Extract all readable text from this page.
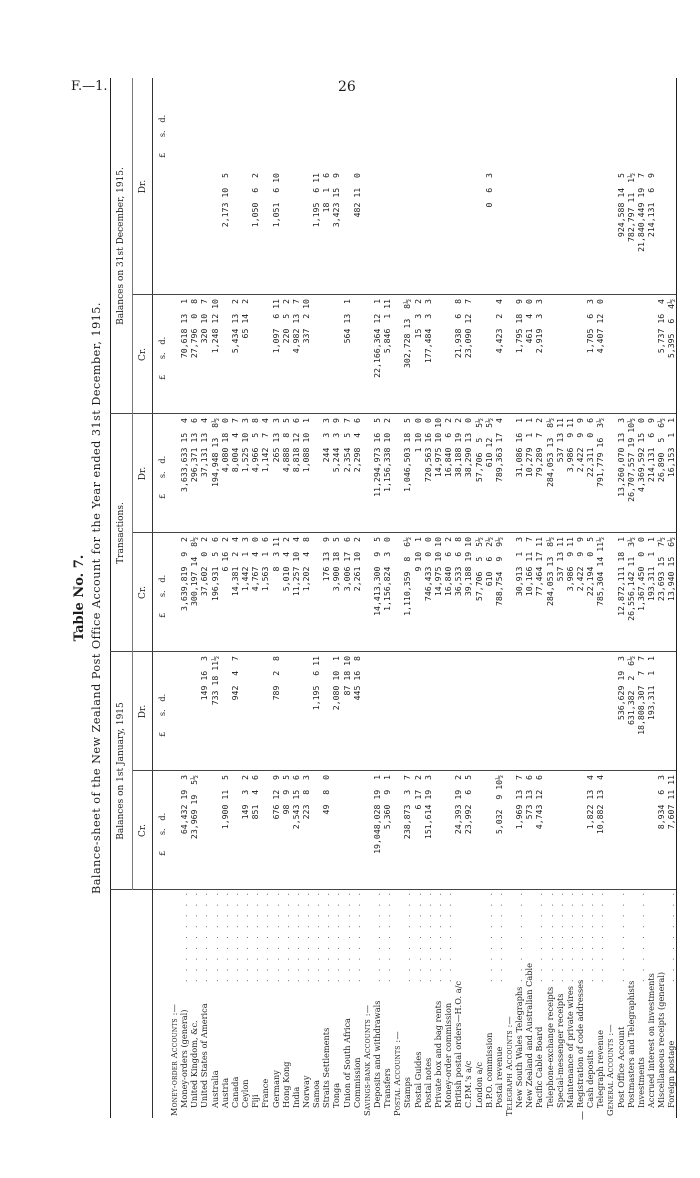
F.—1.	26
Table No. 7. Balance-sheet of the New Zealand Post Office Account for the Year ended 31st December, 1915.
—
Balances on 1st January, 1915
Transactions.
Balances on 31st December, 1915.
Cr.
Dr.
Cr.
Dr.
Cr.
Dr.
£      s.   d.
£      s.   d.
£      s.   d.
£      s.   d.
£      s.   d.
£      s.   d.
Money-order Accounts :— Money-orders (general)
.  .  .  .  .  .  .  .  .
64,432 19  3
3,639,819  9  2
3,633,633 15  4
70,618 13  1
United Kingdom, &c.
.  .  .  .  .  .  .  .  .
23,969 19  5½
300,197 14  8½
296,371 13  6
27,796  0  8
United States of America
.  .  .  .  .  .  .  .  .
149 16  3
37,602  0  2
37,131 13  4
320 10  7
Australia
.  .  .  .  .  .  .  .  .
733 18 11½
196,931  5  6
194,948 13  8½
1,248 12 10
Austria
.  .  .  .  .  .  .  .  .
1,900 11  5
6 16  2
4,080 18  0
2,173 10  5
Canada
.  .  .  .  .  .  .  .  .
942  4  7
14,381  2  4
8,004  4  7
5,434 13  2
Ceylon
.  .  .  .  .  .  .  .  .
149  3  2
1,442  1  3
1,525 10  3
65 14  2
Fiji
.  .  .  .  .  .  .  .  .
851  4  6
4,767  4  0
4,966  5  8
1,050  6  2
France
.  .  .  .  .  .  .  .  .
1,563  1  6
1,142  7  4
Germany
.  .  .  .  .  .  .  .  .
676 12  9
789  2  8
8  3 11
265 13  3
1,097  6 11
1,051  6 10
Hong Kong
.  .  .  .  .  .  .  .  .
98  9  5
5,010  4  2
4,888  8  5
220  5  2
India
.  .  .  .  .  .  .  .  .
2,543 15  6
11,257 10  4
8,818 12  6
4,982 13  7
Norway
.  .  .  .  .  .  .  .  .
223  8  3
1,202  4  8
1,088 10  1
337  2 10
Samoa
.  .  .  .  .  .  .  .  .
1,195  6 11
1,195  6 11
Straits Settlements
.  .  .  .  .  .  .  .  .
49  8  0
176 13  9
244  3  3
18  1  6
Tonga
.  .  .  .  .  .  .  .  .
2,080 10  1
3,900 18  5
5,244  3  9
3,423 15  9
Union of South Africa
.  .  .  .  .  .  .  .  .
87 18 10
3,006 17  6
2,354  5  7
564 13  1
Commission
.  .  .  .  .  .  .  .  .
445 16  8
2,261 10  2
2,298  4  6
482 11  0
Savings-bank Accounts :— Deposits and withdrawals
.  .  .  .  .  .  .  .  .
19,048,028 19  1
14,413,300  9  5
11,294,973 16  5
22,166,364 12  1
Transfers
.  .  .  .  .  .  .  .  .
5,360  9  1
1,156,824  3  0
1,156,338 10  2
5,846  1 11
Postal Accounts :— Stamps
.  .  .  .  .  .  .  .  .
238,873  3  7
1,110,359  8  6½
1,046,503 18  5
302,728 13  8½
Postal Guides
.  .  .  .  .  .  .  .  .
6 17  2
9 10  1
1 10  0
15  3  2
Postal notes
.  .  .  .  .  .  .  .  .
151,614 19  3
746,433  0  0
720,563 16  0
177,484  3  3
Private box and bag rents
.  .  .  .  .  .  .  .  .
14,975 10 10
14,975 10 10
Money-order commission
.  .  .  .  .  .  .  .  .
16,840  6  2
16,840  6  2
British postal orders—H.O. a/c
24,393 19  2
36,533  6  8
38,188 19  2
21,938  6  8
C.P.M.'s a/c
23,992  6  5
39,188 19 10
38,290 13  0
23,090 12  7
London a/c
57,706  5  5½
57,706  5  5½
B.P.O. commission
.  .  .  .  .  .  .  .  .
610  6  2½
610 12  5½
0  6  3
Postal revenue
.  .  .  .  .  .  .  .  .
5,032  9 10½
788,754  9  9½
789,363 17  4
4,423  2  4
Telegraph Accounts :— New South Wales Telegraphs
.  .  .  .  .  .  .  .  .
1,969 13  7
30,913  1  3
31,086 16  1
1,795 18  9
New Zealand and Australian Cable
573 13  6
10,166 11  7
10,279  1  1
461  4  0
Pacific Cable Board
.  .  .  .  .  .  .  .  .
4,743 12  6
77,464 17 11
79,289  7  2
2,919  3  3
Telephone-exchange receipts
.  .  .  .  .  .  .  .  .
284,053 13  8½
284,053 13  8½
Special-messenger receipts
.  .  .  .  .  .  .  .  .
537 13 11
537 13 11
Maintenance of private wires
.  .  .  .  .  .  .  .  .
3,986  9 11
3,986  9 11
Registration of code addresses
.  .  .  .  .  .  .  .  .
2,422  9  9
2,422  9  9
Cash deposits
.  .  .  .  .  .  .  .  .
1,822 13  4
22,194  0  5
22,311  0  6
1,705  6  3
Telegraph revenue
.  .  .  .  .  .  .  .  .
10,882 13  4
785,304 14 11½
791,779 16  3½
4,407 12  0
General Accounts :— Post Office Account
.  .  .  .  .  .  .  .  .
536,629 19  3
12,872,111 18  1
13,260,070 13  3
924,588 14  5
Postmasters and Telegraphists
631,382  2  6½
26,556,142 11  3½
26,707,557 19 10½
782,797 11  1½
Investments
.  .  .  .  .  .  .  .  .
18,808,307  7  7
1,367,450  0  0
4,369,592 15  0
21,840,449 19  7
Accrued interest on investments
193,311  1  1
193,311  1  1
214,131  6  9
214,131  6  9
Miscellaneous receipts (general)
8,934  6  3
23,693 15  7½
26,890  5  6½
5,737 16  4
Foreign postage
.  .  .  .  .  .  .  .  .
7,607 11 11
13,940 15  6½
16,153  1  1
5,395  6  4½
